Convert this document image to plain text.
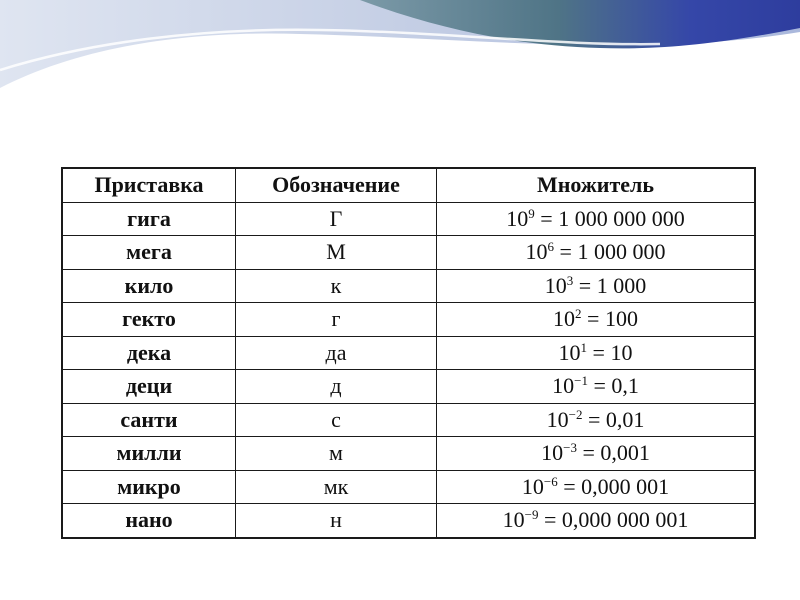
Приставка	Обозначение	Множитель
гига	Г	$10^9 = 1$ 000 000 000
мега	М	$10^6 = 1$ 000 000
кило	к	$10^3 = 1$ 000
гекто	г	$10^2 = 100$
дека	да	$10^1 = 10$
деци	д	$10^{-1} = 0,1$
санти	с	$10^{-2} = 0,01$
милли	м	$10^{-3} = 0,001$
микро	мк	$10^{-6} = 0,000$ 001
нано	н	$10^{-9} = 0,000$ 000 001
